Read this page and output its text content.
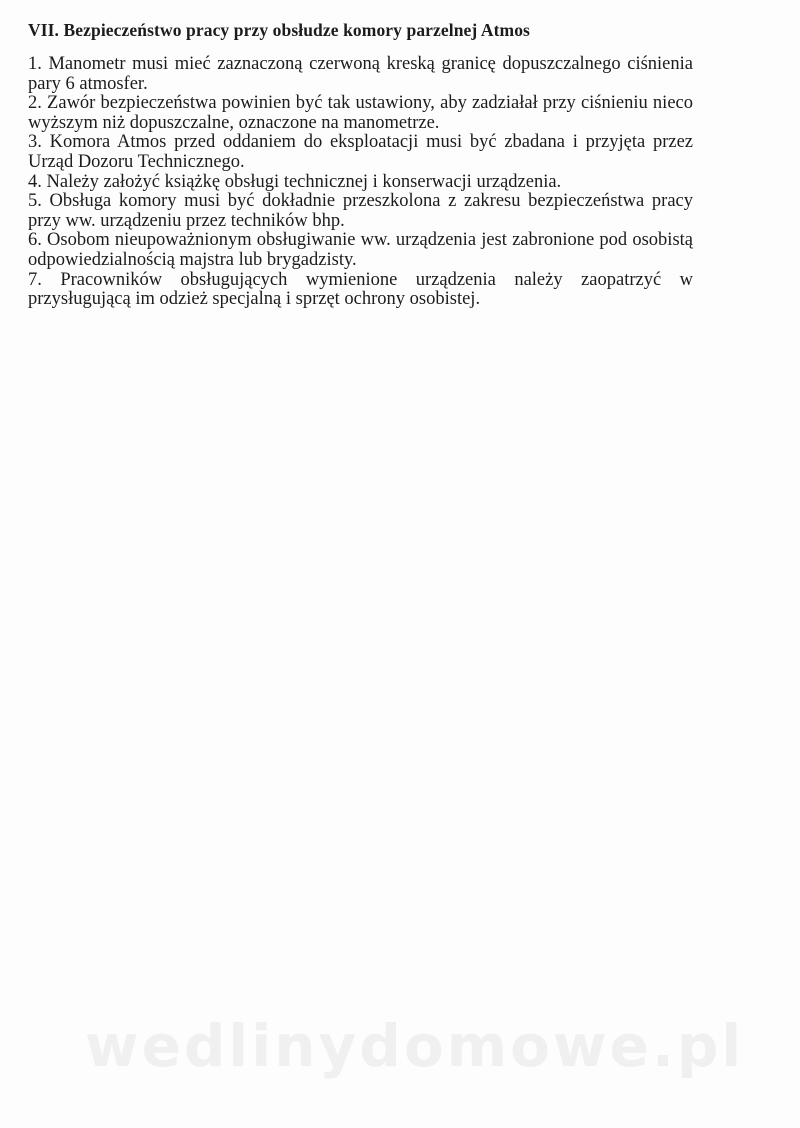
VII. Bezpieczeństwo pracy przy obsłudze komory parzelnej Atmos

1. Manometr musi mieć zaznaczoną czerwoną kreską granicę dopuszczalnego ciśnienia pary 6 atmosfer.

2. Zawór bezpieczeństwa powinien być tak ustawiony, aby zadziałał przy ciśnieniu nieco wyższym niż dopuszczalne, oznaczone na manometrze.

3. Komora Atmos przed oddaniem do eksploatacji musi być zbadana i przyjęta przez Urząd Dozoru Technicznego.

4. Należy założyć książkę obsługi technicznej i konserwacji urządzenia.

5. Obsługa komory musi być dokładnie przeszkolona z zakresu bezpieczeństwa pracy przy ww. urządzeniu przez techników bhp.

6. Osobom nieupoważnionym obsługiwanie ww. urządzenia jest zabronione pod osobistą odpowiedzialnością majstra lub brygadzisty.

7. Pracowników obsługujących wymienione urządzenia należy zaopatrzyć w przysługującą im odzież specjalną i sprzęt ochrony osobistej.

wedlinydomowe.pl
